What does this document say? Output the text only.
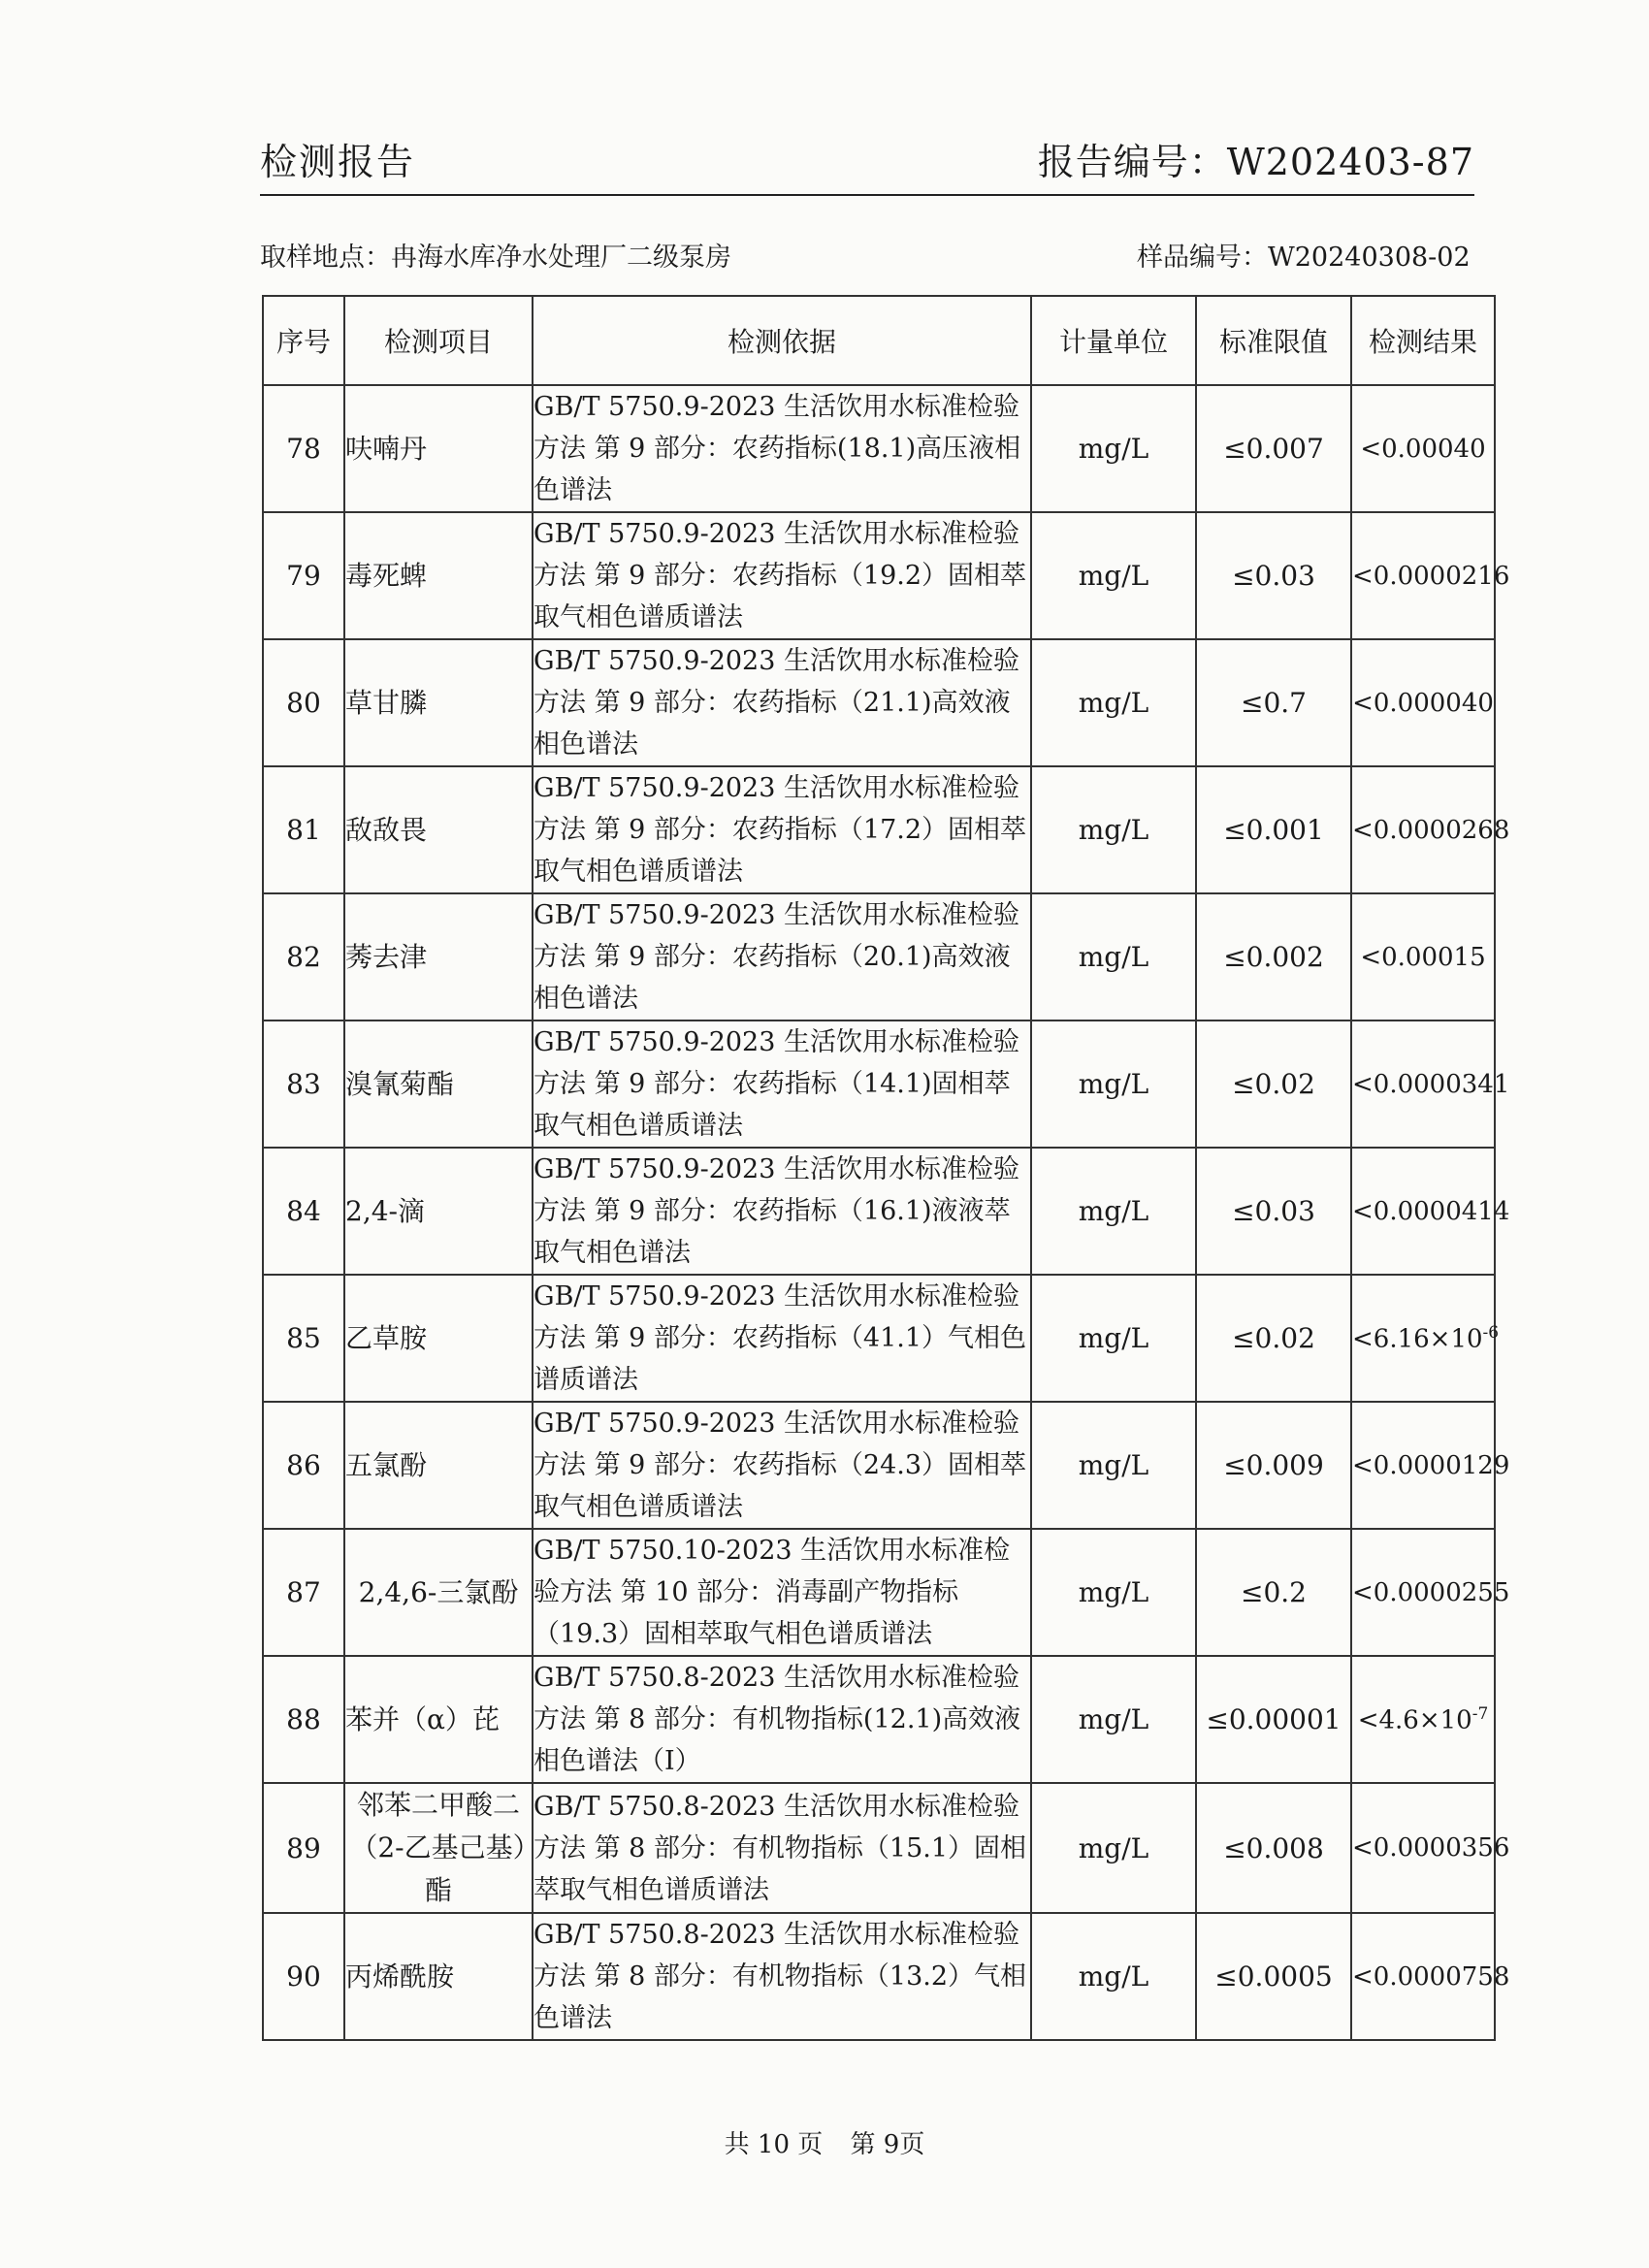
检测报告	报告编号：W202403-87
取样地点：冉海水库净水处理厂二级泵房	样品编号：W20240308-02
序号	检测项目	检测依据	计量单位	标准限值	检测结果
78	呋喃丹	GB/T 5750.9-2023 生活饮用水标准检验方法 第 9 部分：农药指标(18.1)高压液相色谱法	mg/L	≤0.007	<0.00040
79	毒死蜱	GB/T 5750.9-2023 生活饮用水标准检验方法 第 9 部分：农药指标（19.2）固相萃取气相色谱质谱法	mg/L	≤0.03	<0.0000216
80	草甘膦	GB/T 5750.9-2023 生活饮用水标准检验方法 第 9 部分：农药指标（21.1)高效液相色谱法	mg/L	≤0.7	<0.000040
81	敌敌畏	GB/T 5750.9-2023 生活饮用水标准检验方法 第 9 部分：农药指标（17.2）固相萃取气相色谱质谱法	mg/L	≤0.001	<0.0000268
82	莠去津	GB/T 5750.9-2023 生活饮用水标准检验方法 第 9 部分：农药指标（20.1)高效液相色谱法	mg/L	≤0.002	<0.00015
83	溴氰菊酯	GB/T 5750.9-2023 生活饮用水标准检验方法 第 9 部分：农药指标（14.1)固相萃取气相色谱质谱法	mg/L	≤0.02	<0.0000341
84	2,4-滴	GB/T 5750.9-2023 生活饮用水标准检验方法 第 9 部分：农药指标（16.1)液液萃取气相色谱法	mg/L	≤0.03	<0.0000414
85	乙草胺	GB/T 5750.9-2023 生活饮用水标准检验方法 第 9 部分：农药指标（41.1）气相色谱质谱法	mg/L	≤0.02	$<6.16\times 10^{-6}$
86	五氯酚	GB/T 5750.9-2023 生活饮用水标准检验方法 第 9 部分：农药指标（24.3）固相萃取气相色谱质谱法	mg/L	≤0.009	<0.0000129
87	2,4,6-三氯酚	GB/T 5750.10-2023 生活饮用水标准检验方法 第 10 部分：消毒副产物指标（19.3）固相萃取气相色谱质谱法	mg/L	≤0.2	<0.0000255
88	苯并（α）芘	GB/T 5750.8-2023 生活饮用水标准检验方法 第 8 部分：有机物指标(12.1)高效液相色谱法（Ⅰ）	mg/L	≤0.00001	$<4.6\times 10^{-7}$
89	邻苯二甲酸二（2-乙基己基）酯	GB/T 5750.8-2023 生活饮用水标准检验方法 第 8 部分：有机物指标（15.1）固相萃取气相色谱质谱法	mg/L	≤0.008	<0.0000356
90	丙烯酰胺	GB/T 5750.8-2023 生活饮用水标准检验方法 第 8 部分：有机物指标（13.2）气相色谱法	mg/L	≤0.0005	<0.0000758
共 10 页 第 9页
